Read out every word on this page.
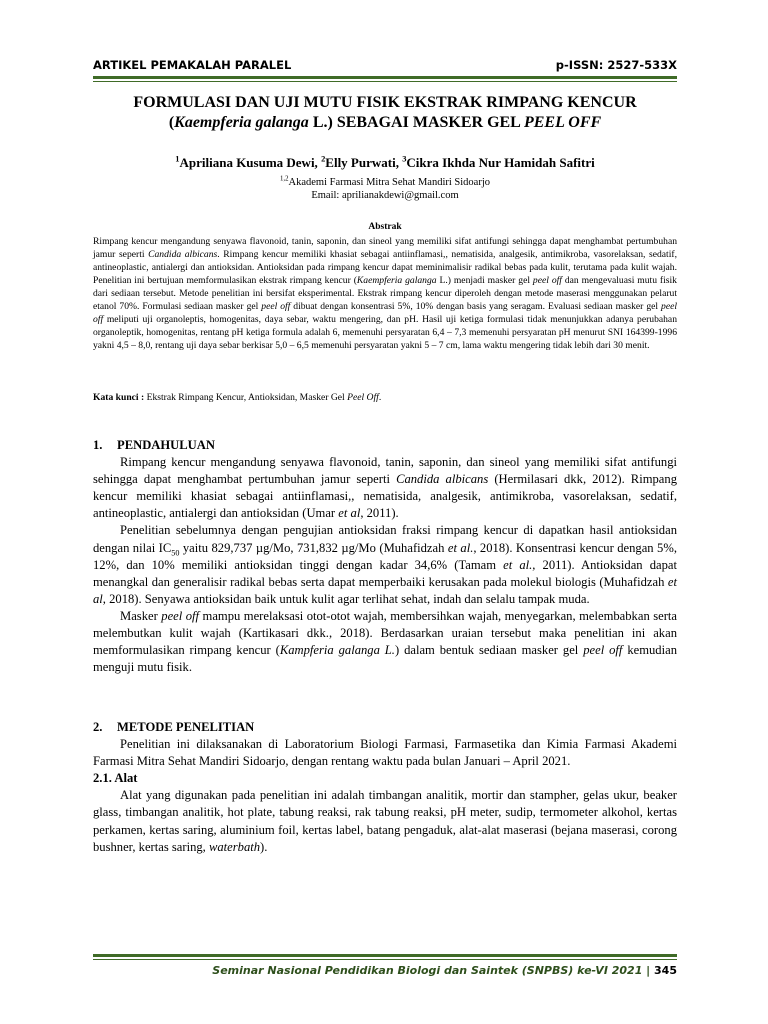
ARTIKEL PEMAKALAH PARALEL	p-ISSN: 2527-533X
FORMULASI DAN UJI MUTU FISIK EKSTRAK RIMPANG KENCUR
(Kaempferia galanga L.) SEBAGAI MASKER GEL PEEL OFF
$^1$Apriliana Kusuma Dewi, $^2$Elly Purwati, $^3$Cikra Ikhda Nur Hamidah Safitri
$^{1,2}$Akademi Farmasi Mitra Sehat Mandiri Sidoarjo
Email: aprilianakdewi@gmail.com
Abstrak
Rimpang kencur mengandung senyawa flavonoid, tanin, saponin, dan sineol yang memiliki sifat antifungi sehingga dapat menghambat pertumbuhan jamur seperti Candida albicans. Rimpang kencur memiliki khasiat sebagai antiinflamasi,, nematisida, analgesik, antimikroba, vasorelaksan, sedatif, antineoplastic, antialergi dan antioksidan. Antioksidan pada rimpang kencur dapat meminimalisir radikal bebas pada kulit, terutama pada kulit wajah. Penelitian ini bertujuan memformulasikan ekstrak rimpang kencur (Kaempferia galanga L.) menjadi masker gel peel off dan mengevaluasi mutu fisik dari sediaan tersebut. Metode penelitian ini bersifat eksperimental. Ekstrak rimpang kencur diperoleh dengan metode maserasi menggunakan pelarut etanol 70%. Formulasi sediaan masker gel peel off dibuat dengan konsentrasi 5%, 10% dengan basis yang seragam. Evaluasi sediaan masker gel peel off meliputi uji organoleptis, homogenitas, daya sebar, waktu mengering, dan pH. Hasil uji ketiga formulasi tidak menunjukkan adanya perubahan organoleptik, homogenitas, rentang pH ketiga formula adalah 6, memenuhi persyaratan 6,4 – 7,3 memenuhi persyaratan pH menurut SNI 164399-1996 yakni 4,5 – 8,0, rentang uji daya sebar berkisar 5,0 – 6,5 memenuhi persyaratan yakni 5 – 7 cm, lama waktu mengering tidak lebih dari 30 menit.
Kata kunci : Ekstrak Rimpang Kencur, Antioksidan, Masker Gel Peel Off.
1. PENDAHULUAN

Rimpang kencur mengandung senyawa flavonoid, tanin, saponin, dan sineol yang memiliki sifat antifungi sehingga dapat menghambat pertumbuhan jamur seperti Candida albicans (Hermilasari dkk, 2012). Rimpang kencur memiliki khasiat sebagai antiinflamasi,, nematisida, analgesik, antimikroba, vasorelaksan, sedatif, antineoplastic, antialergi dan antioksidan (Umar et al, 2011).

Penelitian sebelumnya dengan pengujian antioksidan fraksi rimpang kencur di dapatkan hasil antioksidan dengan nilai $IC_{50}$ yaitu 829,737 µg/Mo, 731,832 µg/Mo (Muhafidzah et al., 2018). Konsentrasi kencur dengan 5%, 12%, dan 10% memiliki antioksidan tinggi dengan kadar 34,6% (Tamam et al., 2011). Antioksidan dapat menangkal dan generalisir radikal bebas serta dapat memperbaiki kerusakan pada molekul biologis (Muhafidzah et al, 2018). Senyawa antioksidan baik untuk kulit agar terlihat sehat, indah dan selalu tampak muda.

Masker peel off mampu merelaksasi otot-otot wajah, membersihkan wajah, menyegarkan, melembabkan serta melembutkan kulit wajah (Kartikasari dkk., 2018). Berdasarkan uraian tersebut maka penelitian ini akan memformulasikan rimpang kencur (Kampferia galanga L.) dalam bentuk sediaan masker gel peel off kemudian menguji mutu fisik.

2. METODE PENELITIAN

Penelitian ini dilaksanakan di Laboratorium Biologi Farmasi, Farmasetika dan Kimia Farmasi Akademi Farmasi Mitra Sehat Mandiri Sidoarjo, dengan rentang waktu pada bulan Januari – April 2021.

2.1. Alat

Alat yang digunakan pada penelitian ini adalah timbangan analitik, mortir dan stampher, gelas ukur, beaker glass, timbangan analitik, hot plate, tabung reaksi, rak tabung reaksi, pH meter, sudip, termometer alkohol, kertas perkamen, kertas saring, aluminium foil, kertas label, batang pengaduk, alat-alat maserasi (bejana maserasi, corong bushner, kertas saring, waterbath).

Seminar Nasional Pendidikan Biologi dan Saintek (SNPBS) ke-VI 2021 | 345
